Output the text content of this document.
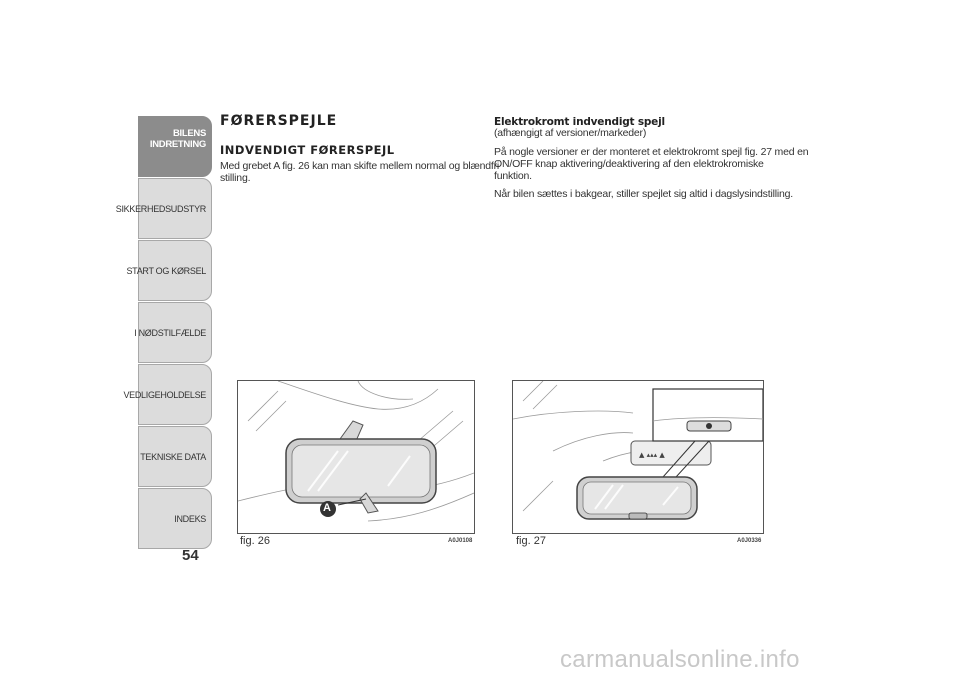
BILENS
INDRETNING
SIKKERHEDSUDSTYR
START OG KØRSEL
I NØDSTILFÆLDE
VEDLIGEHOLDELSE
TEKNISKE DATA
INDEKS
54
FØRERSPEJLE
INDVENDIGT FØRERSPEJL
Med grebet A fig. 26 kan man skifte mellem normal og blændfri
stilling.
Elektrokromt indvendigt spejl
(afhængigt af versioner/markeder)
På nogle versioner er der monteret et elektrokromt spejl fig. 27 med en
ON/OFF knap aktivering/deaktivering af den elektrokromiske
funktion.
Når bilen sættes i bakgear, stiller spejlet sig altid i dagslysindstilling.
A
fig. 26	A0J0108
▲ ▴▴▴ ▲
fig. 27	A0J0336
carmanualsonline.info
